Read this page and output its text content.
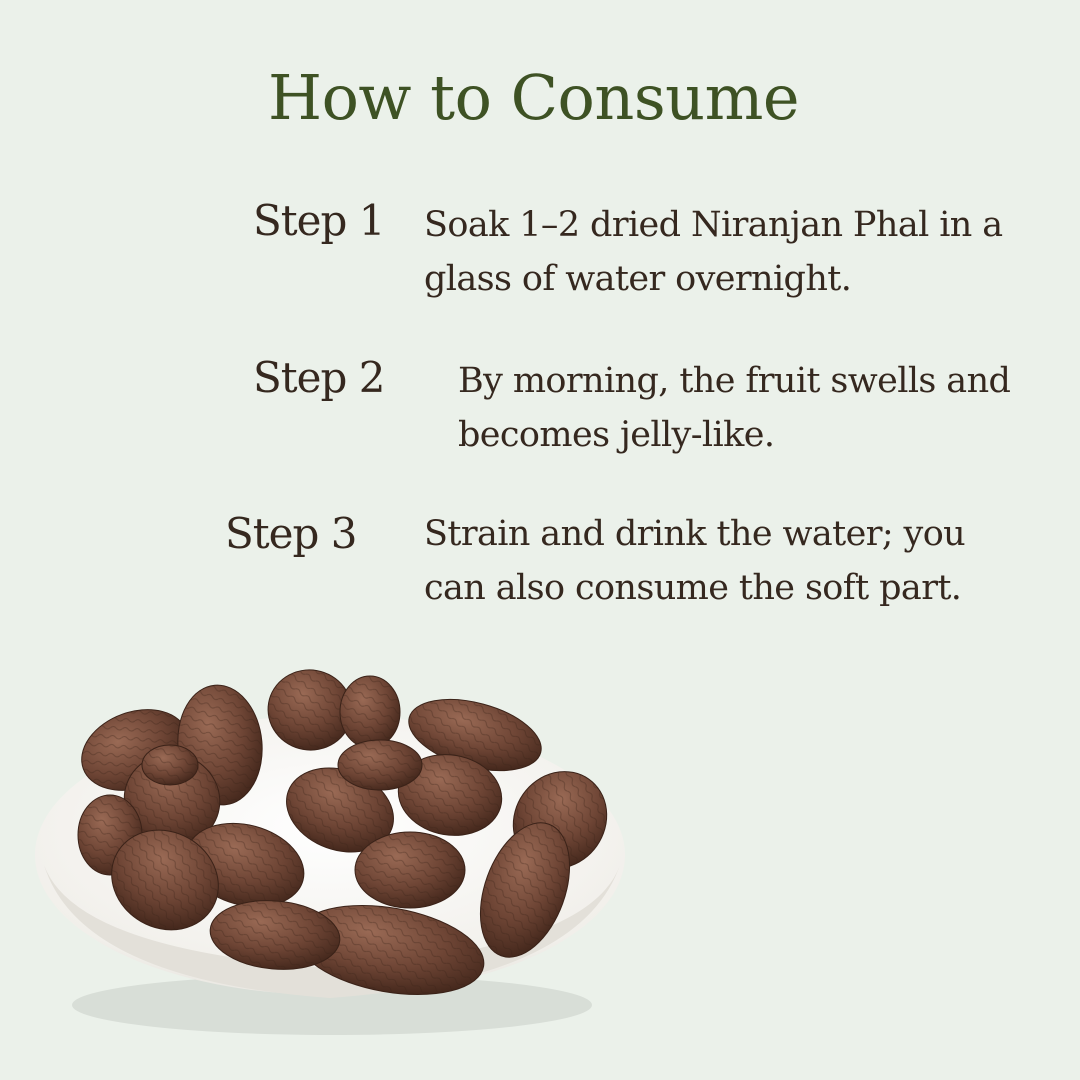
How to Consume
Step 1 Soak 1–2 dried Niranjan Phal in a
glass of water overnight.
Step 2 By morning, the fruit swells and
becomes jelly-like.
Step 3 Strain and drink the water; you
can also consume the soft part.
